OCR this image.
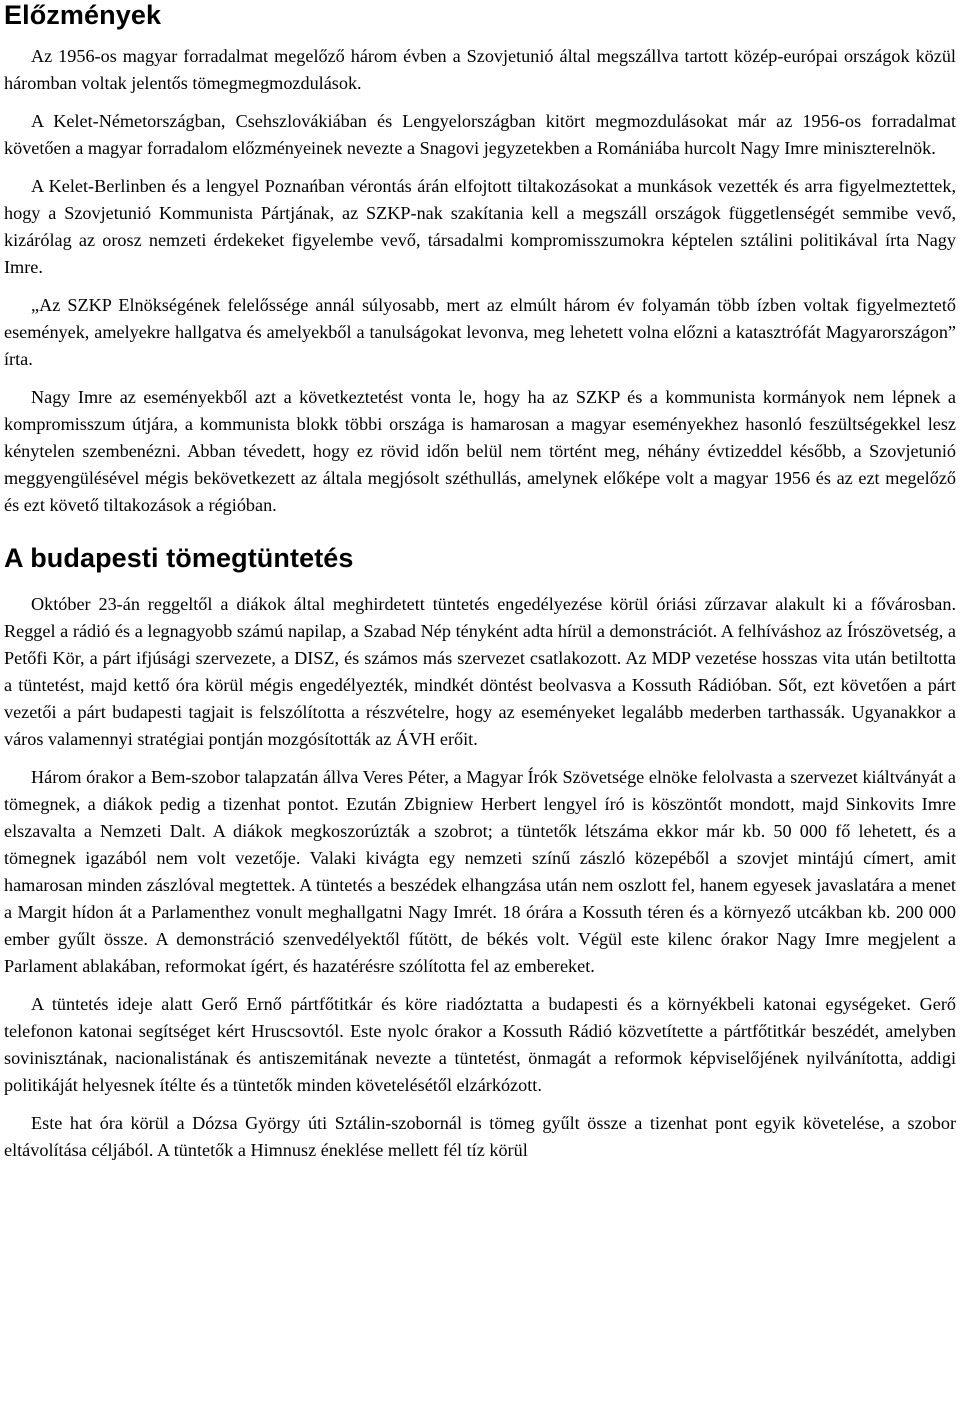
Előzmények

Az 1956-os magyar forradalmat megelőző három évben a Szovjetunió által megszállva tartott közép-európai országok közül háromban voltak jelentős tömegmegmozdulások.

A Kelet-Németországban, Csehszlovákiában és Lengyelországban kitört megmozdulásokat már az 1956-os forradalmat követően a magyar forradalom előzményeinek nevezte a Snagovi jegyzetekben a Romániába hurcolt Nagy Imre miniszterelnök.

A Kelet-Berlinben és a lengyel Poznańban vérontás árán elfojtott tiltakozásokat a munkások vezették és arra figyelmeztettek, hogy a Szovjetunió Kommunista Pártjának, az SZKP-nak szakítania kell a megszáll országok függetlenségét semmibe vevő, kizárólag az orosz nemzeti érdekeket figyelembe vevő, társadalmi kompromisszumokra képtelen sztálini politikával írta Nagy Imre.

„Az SZKP Elnökségének felelőssége annál súlyosabb, mert az elmúlt három év folyamán több ízben voltak figyelmeztető események, amelyekre hallgatva és amelyekből a tanulságokat levonva, meg lehetett volna előzni a katasztrófát Magyarországon” írta.

Nagy Imre az eseményekből azt a következtetést vonta le, hogy ha az SZKP és a kommunista kormányok nem lépnek a kompromisszum útjára, a kommunista blokk többi országa is hamarosan a magyar eseményekhez hasonló feszültségekkel lesz kénytelen szembenézni. Abban tévedett, hogy ez rövid időn belül nem történt meg, néhány évtizeddel később, a Szovjetunió meggyengülésével mégis bekövetkezett az általa megjósolt széthullás, amelynek előképe volt a magyar 1956 és az ezt megelőző és ezt követő tiltakozások a régióban.

A budapesti tömegtüntetés

Október 23-án reggeltől a diákok által meghirdetett tüntetés engedélyezése körül óriási zűrzavar alakult ki a fővárosban. Reggel a rádió és a legnagyobb számú napilap, a Szabad Nép tényként adta hírül a demonstrációt. A felhíváshoz az Írószövetség, a Petőfi Kör, a párt ifjúsági szervezete, a DISZ, és számos más szervezet csatlakozott. Az MDP vezetése hosszas vita után betiltotta a tüntetést, majd kettő óra körül mégis engedélyezték, mindkét döntést beolvasva a Kossuth Rádióban. Sőt, ezt követően a párt vezetői a párt budapesti tagjait is felszólította a részvételre, hogy az eseményeket legalább mederben tarthassák. Ugyanakkor a város valamennyi stratégiai pontján mozgósították az ÁVH erőit.

Három órakor a Bem-szobor talapzatán állva Veres Péter, a Magyar Írók Szövetsége elnöke felolvasta a szervezet kiáltványát a tömegnek, a diákok pedig a tizenhat pontot. Ezután Zbigniew Herbert lengyel író is köszöntőt mondott, majd Sinkovits Imre elszavalta a Nemzeti Dalt. A diákok megkoszorúzták a szobrot; a tüntetők létszáma ekkor már kb. 50 000 fő lehetett, és a tömegnek igazából nem volt vezetője. Valaki kivágta egy nemzeti színű zászló közepéből a szovjet mintájú címert, amit hamarosan minden zászlóval megtettek. A tüntetés a beszédek elhangzása után nem oszlott fel, hanem egyesek javaslatára a menet a Margit hídon át a Parlamenthez vonult meghallgatni Nagy Imrét. 18 órára a Kossuth téren és a környező utcákban kb. 200 000 ember gyűlt össze. A demonstráció szenvedélyektől fűtött, de békés volt. Végül este kilenc órakor Nagy Imre megjelent a Parlament ablakában, reformokat ígért, és hazatérésre szólította fel az embereket.

A tüntetés ideje alatt Gerő Ernő pártfőtitkár és köre riadóztatta a budapesti és a környékbeli katonai egységeket. Gerő telefonon katonai segítséget kért Hruscsovtól. Este nyolc órakor a Kossuth Rádió közvetítette a pártfőtitkár beszédét, amelyben sovinisztának, nacionalistának és antiszemitának nevezte a tüntetést, önmagát a reformok képviselőjének nyilvánította, addigi politikáját helyesnek ítélte és a tüntetők minden követelésétől elzárkózott.

Este hat óra körül a Dózsa György úti Sztálin-szobornál is tömeg gyűlt össze a tizenhat pont egyik követelése, a szobor eltávolítása céljából. A tüntetők a Himnusz éneklése mellett fél tíz körül
